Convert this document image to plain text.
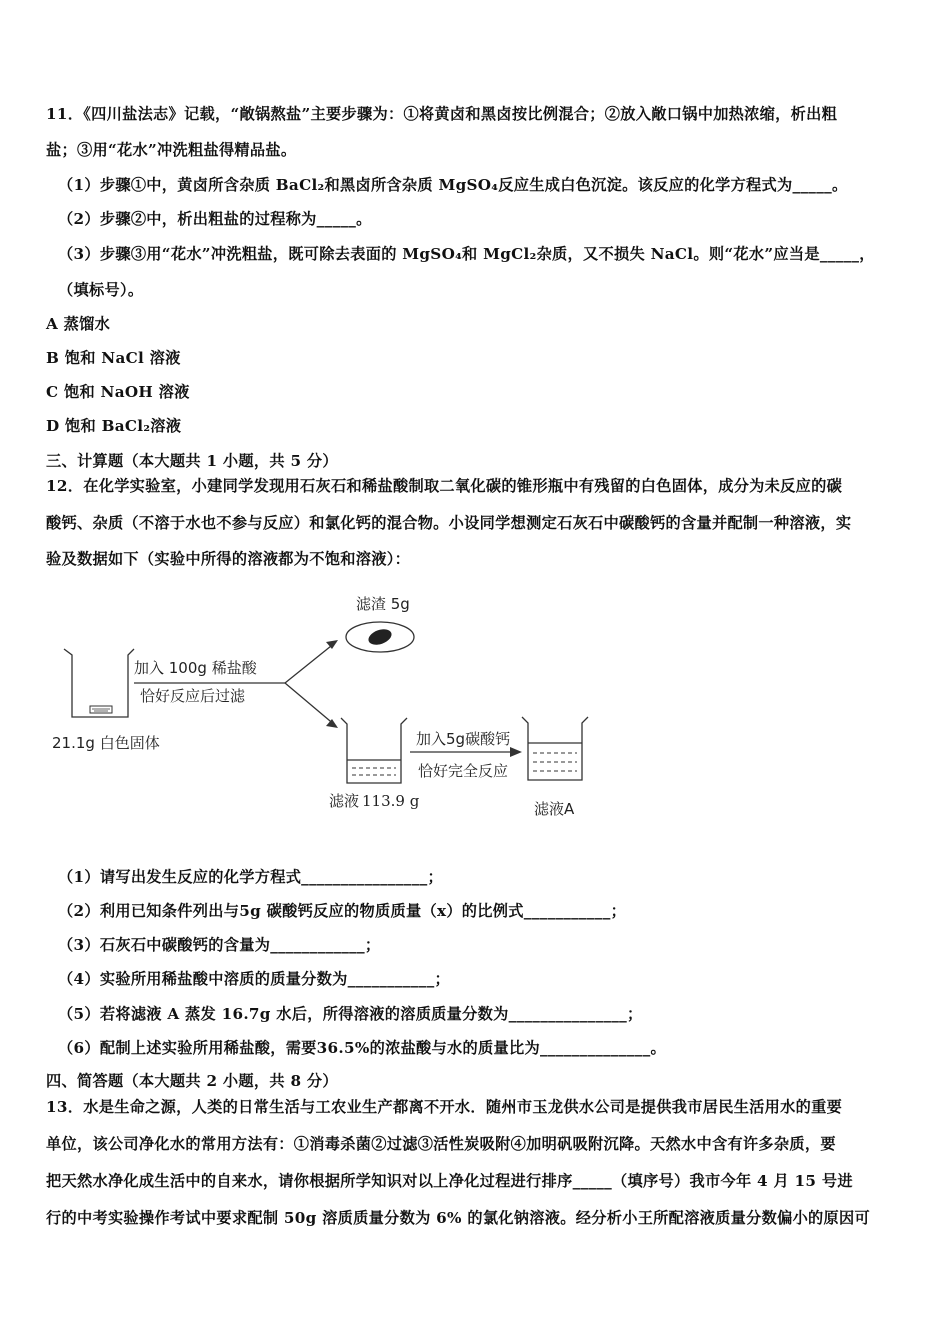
11．《四川盐法志》记载，“敞锅熬盐”主要步骤为：①将黄卤和黑卤按比例混合；②放入敞口锅中加热浓缩，析出粗
盐；③用“花水”冲洗粗盐得精品盐。
（1）步骤①中，黄卤所含杂质 BaCl₂和黑卤所含杂质 MgSO₄反应生成白色沉淀。该反应的化学方程式为_____。
（2）步骤②中，析出粗盐的过程称为_____。
（3）步骤③用“花水”冲洗粗盐，既可除去表面的 MgSO₄和 MgCl₂杂质，又不损失 NaCl。则“花水”应当是_____，
（填标号）。
A 蒸馏水
B 饱和 NaCl 溶液
C 饱和 NaOH 溶液
D 饱和 BaCl₂溶液
三、计算题（本大题共 1 小题，共 5 分）
12．在化学实验室，小建同学发现用石灰石和稀盐酸制取二氧化碳的锥形瓶中有残留的白色固体，成分为未反应的碳
酸钙、杂质（不溶于水也不参与反应）和氯化钙的混合物。小设同学想测定石灰石中碳酸钙的含量并配制一种溶液，实
验及数据如下（实验中所得的溶液都为不饱和溶液）：
21.1g 白色固体
加入 100g 稀盐酸
恰好反应后过滤
滤渣 5g
滤液 113.9 g
加入5g碳酸钙
恰好完全反应
滤液A
（1）请写出发生反应的化学方程式________________；
（2）利用已知条件列出与5g 碳酸钙反应的物质质量（x）的比例式___________；
（3）石灰石中碳酸钙的含量为____________；
（4）实验所用稀盐酸中溶质的质量分数为___________；
（5）若将滤液 A 蒸发 16.7g 水后，所得溶液的溶质质量分数为_______________；
（6）配制上述实验所用稀盐酸，需要36.5%的浓盐酸与水的质量比为______________。
四、简答题（本大题共 2 小题，共 8 分）
13．水是生命之源，人类的日常生活与工农业生产都离不开水．随州市玉龙供水公司是提供我市居民生活用水的重要
单位，该公司净化水的常用方法有：①消毒杀菌②过滤③活性炭吸附④加明矾吸附沉降。天然水中含有许多杂质，要
把天然水净化成生活中的自来水，请你根据所学知识对以上净化过程进行排序_____（填序号）我市今年 4 月 15 号进
行的中考实验操作考试中要求配制 50g 溶质质量分数为 6% 的氯化钠溶液。经分析小王所配溶液质量分数偏小的原因可
